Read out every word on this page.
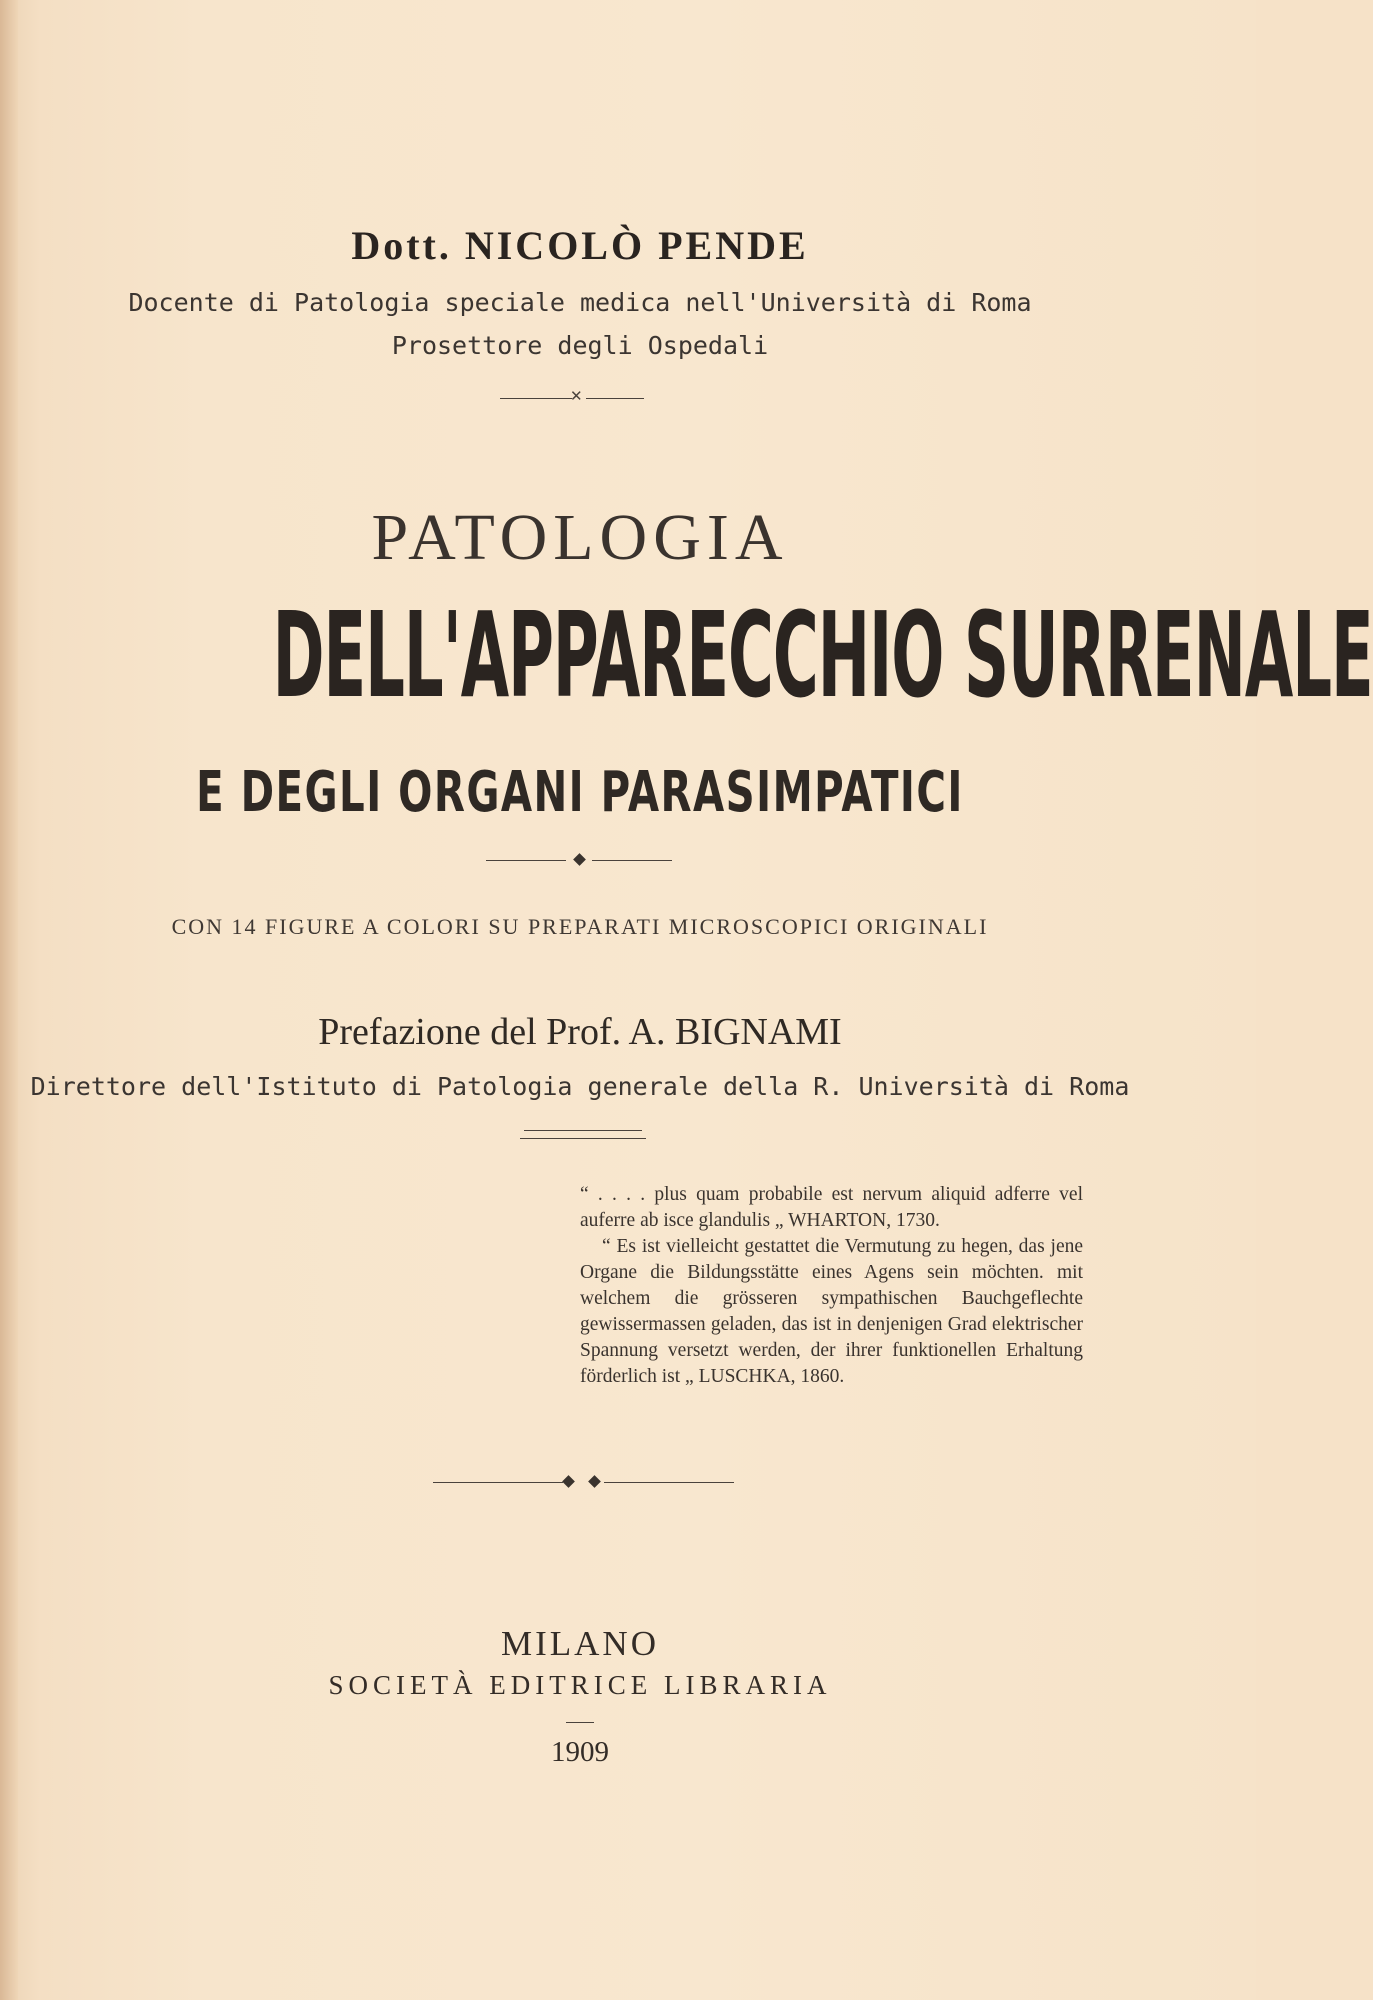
Dott. NICOLÒ PENDE
Docente di Patologia speciale medica nell'Università di Roma
Prosettore degli Ospedali
✕
PATOLOGIA
DELL'APPARECCHIO SURRENALE
E DEGLI ORGANI PARASIMPATICI
CON 14 FIGURE A COLORI SU PREPARATI MICROSCOPICI ORIGINALI
Prefazione del Prof. A. BIGNAMI
Direttore dell'Istituto di Patologia generale della R. Università di Roma

“ . . . . plus quam probabile est nervum aliquid adferre vel auferre ab isce glandulis „ WHARTON, 1730.

“ Es ist vielleicht gestattet die Vermutung zu hegen, das jene Organe die Bildungsstätte eines Agens sein möchten. mit welchem die grösseren sympathischen Bauchgeflechte gewissermassen geladen, das ist in denjenigen Grad elektrischer Spannung versetzt werden, der ihrer funktionellen Erhaltung förderlich ist „ LUSCHKA, 1860.

MILANO
SOCIETÀ EDITRICE LIBRARIA
1909
